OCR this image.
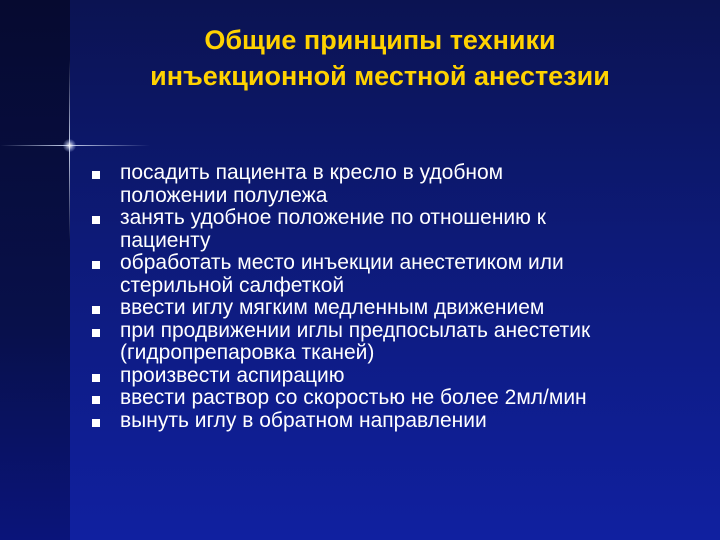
Общие принципы техники
инъекционной местной анестезии
посадить пациента в кресло в удобном
положении полулежа
занять удобное положение по отношению к
пациенту
обработать место инъекции анестетиком или
стерильной салфеткой
ввести иглу мягким медленным движением
при продвижении иглы предпосылать анестетик
(гидропрепаровка тканей)
произвести аспирацию
ввести раствор со скоростью не более 2мл/мин
вынуть иглу в обратном направлении
